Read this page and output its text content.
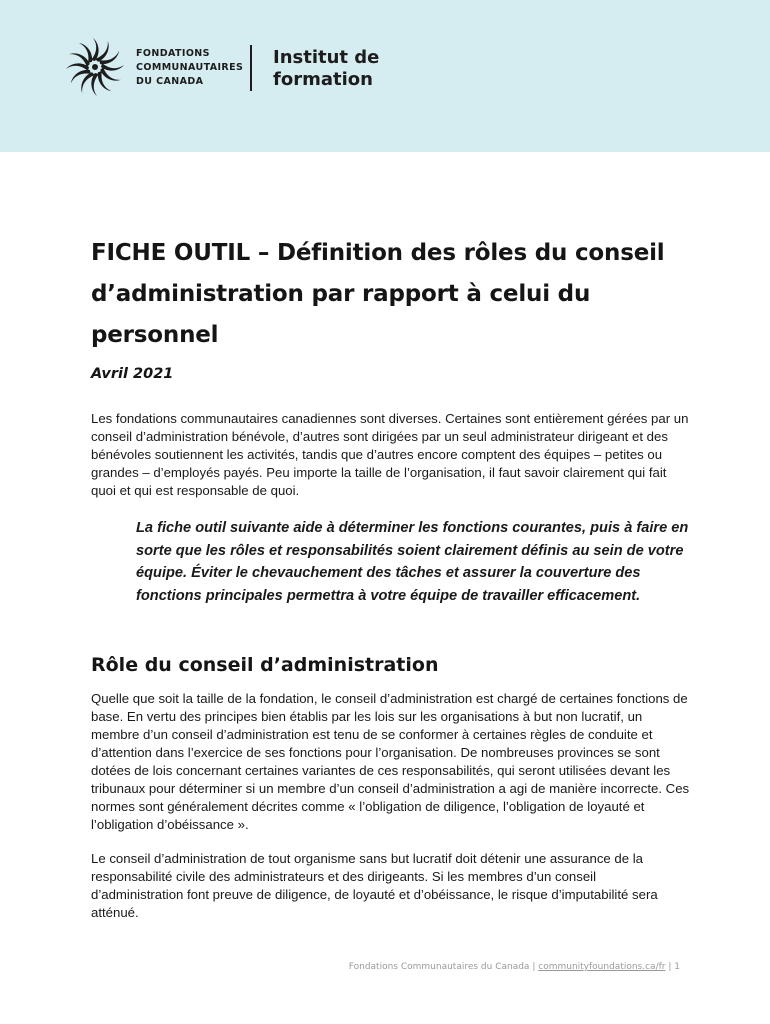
FONDATIONS
COMMUNAUTAIRES
DU CANADA
Institut de
formation
FICHE OUTIL – Définition des rôles du conseil d’administration par rapport à celui du personnel
Avril 2021

Les fondations communautaires canadiennes sont diverses. Certaines sont entièrement gérées par un conseil d’administration bénévole, d’autres sont dirigées par un seul administrateur dirigeant et des bénévoles soutiennent les activités, tandis que d’autres encore comptent des équipes – petites ou grandes – d’employés payés. Peu importe la taille de l’organisation, il faut savoir clairement qui fait quoi et qui est responsable de quoi.

La fiche outil suivante aide à déterminer les fonctions courantes, puis à faire en sorte que les rôles et responsabilités soient clairement définis au sein de votre équipe. Éviter le chevauchement des tâches et assurer la couverture des fonctions principales permettra à votre équipe de travailler efficacement.

Rôle du conseil d’administration

Quelle que soit la taille de la fondation, le conseil d’administration est chargé de certaines fonctions de base. En vertu des principes bien établis par les lois sur les organisations à but non lucratif, un membre d’un conseil d’administration est tenu de se conformer à certaines règles de conduite et d’attention dans l’exercice de ses fonctions pour l’organisation. De nombreuses provinces se sont dotées de lois concernant certaines variantes de ces responsabilités, qui seront utilisées devant les tribunaux pour déterminer si un membre d’un conseil d’administration a agi de manière incorrecte. Ces normes sont généralement décrites comme « l’obligation de diligence, l’obligation de loyauté et l’obligation d’obéissance ».

Le conseil d’administration de tout organisme sans but lucratif doit détenir une assurance de la responsabilité civile des administrateurs et des dirigeants. Si les membres d’un conseil d’administration font preuve de diligence, de loyauté et d’obéissance, le risque d’imputabilité sera atténué.

Fondations Communautaires du Canada | communityfoundations.ca/fr | 1
